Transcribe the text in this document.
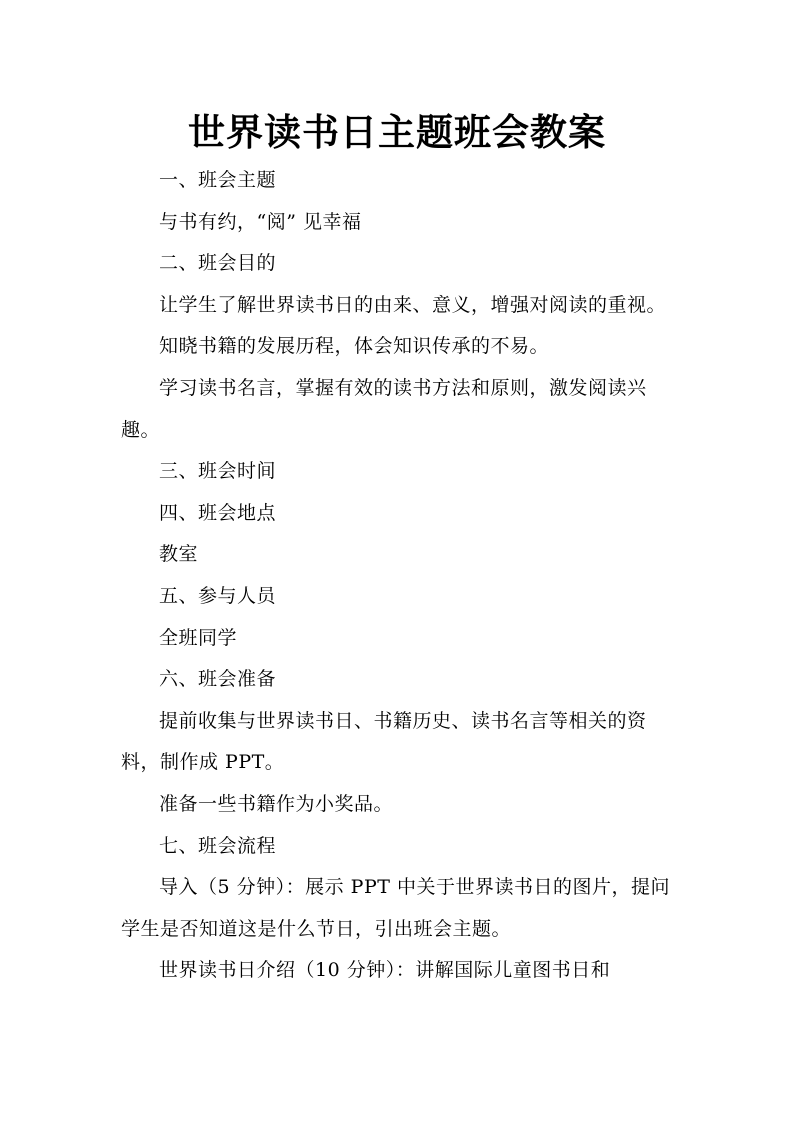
世界读书日主题班会教案

一、班会主题

与书有约，“阅” 见幸福

二、班会目的

让学生了解世界读书日的由来、意义，增强对阅读的重视。

知晓书籍的发展历程，体会知识传承的不易。

学习读书名言，掌握有效的读书方法和原则，激发阅读兴趣。

三、班会时间

四、班会地点

教室

五、参与人员

全班同学

六、班会准备

提前收集与世界读书日、书籍历史、读书名言等相关的资料，制作成 PPT。

准备一些书籍作为小奖品。

七、班会流程

导入（5 分钟）：展示 PPT 中关于世界读书日的图片，提问学生是否知道这是什么节日，引出班会主题。

世界读书日介绍（10 分钟）：讲解国际儿童图书日和
